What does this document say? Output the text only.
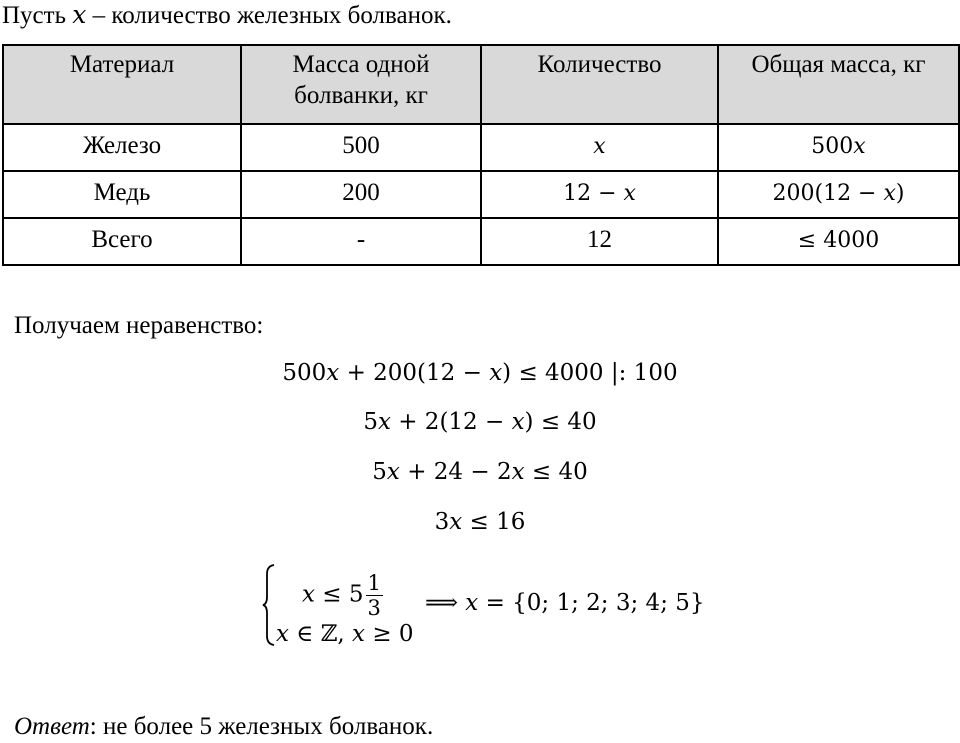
Пусть x – количество железных болванок.
Материал	Масса одной болванки, кг	Количество	Общая масса, кг
Железо	500	𝑥	500𝑥
Медь	200	12 − 𝑥	200(12 − 𝑥)
Всего	-	12	≤ 4000
Получаем неравенство:
500𝑥 + 200(12 − 𝑥) ≤ 4000 |: 100
5𝑥 + 2(12 − 𝑥) ≤ 40
5𝑥 + 24 − 2𝑥 ≤ 40
3𝑥 ≤ 16
𝑥 ≤ $5 \frac{1}{3}$
𝑥 ∈ ℤ, 𝑥 ≥ 0
⟹ 𝑥 = {0; 1; 2; 3; 4; 5}
Ответ: не более 5 железных болванок.
